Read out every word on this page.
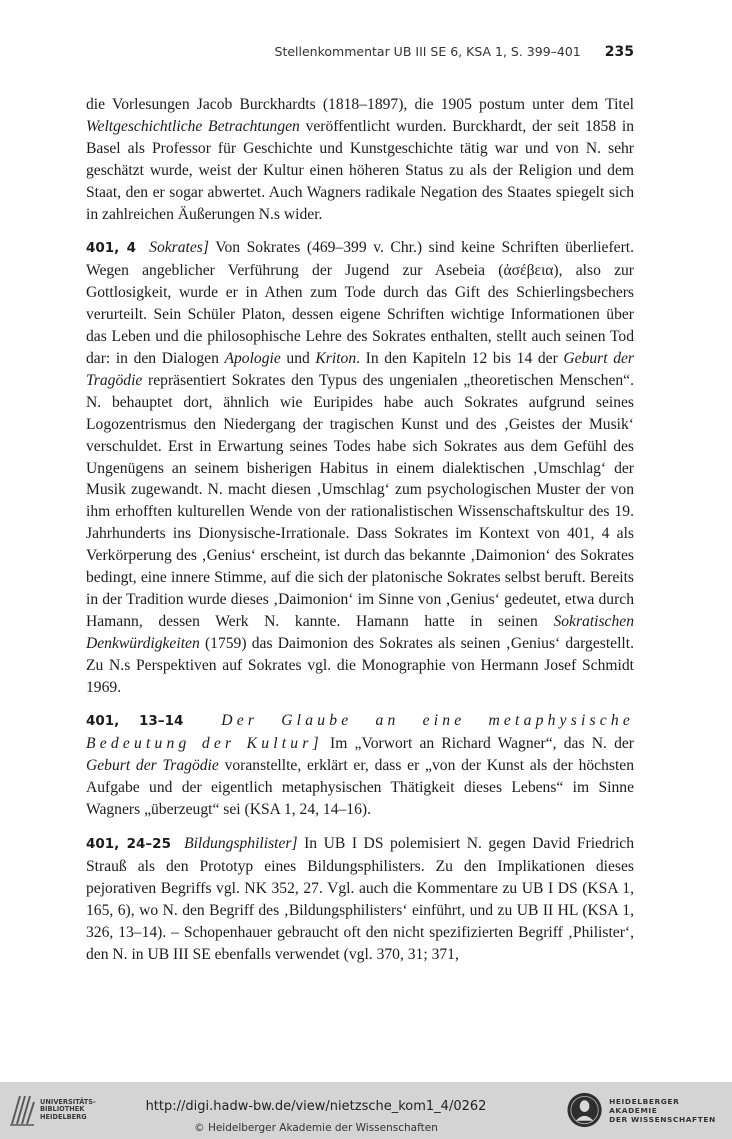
Stellenkommentar UB III SE 6, KSA 1, S. 399–401 235

die Vorlesungen Jacob Burckhardts (1818–1897), die 1905 postum unter dem Titel Weltgeschichtliche Betrachtungen veröffentlicht wurden. Burckhardt, der seit 1858 in Basel als Professor für Geschichte und Kunstgeschichte tätig war und von N. sehr geschätzt wurde, weist der Kultur einen höheren Status zu als der Religion und dem Staat, den er sogar abwertet. Auch Wagners radikale Negation des Staates spiegelt sich in zahlreichen Äußerungen N.s wider.

401, 4 Sokrates] Von Sokrates (469–399 v. Chr.) sind keine Schriften überliefert. Wegen angeblicher Verführung der Jugend zur Asebeia (ἀσέβεια), also zur Gottlosigkeit, wurde er in Athen zum Tode durch das Gift des Schierlingsbechers verurteilt. Sein Schüler Platon, dessen eigene Schriften wichtige Informationen über das Leben und die philosophische Lehre des Sokrates enthalten, stellt auch seinen Tod dar: in den Dialogen Apologie und Kriton. In den Kapiteln 12 bis 14 der Geburt der Tragödie repräsentiert Sokrates den Typus des ungenialen „theoretischen Menschen“. N. behauptet dort, ähnlich wie Euripides habe auch Sokrates aufgrund seines Logozentrismus den Niedergang der tragischen Kunst und des ‚Geistes der Musik‘ verschuldet. Erst in Erwartung seines Todes habe sich Sokrates aus dem Gefühl des Ungenügens an seinem bisherigen Habitus in einem dialektischen ‚Umschlag‘ der Musik zugewandt. N. macht diesen ‚Umschlag‘ zum psychologischen Muster der von ihm erhofften kulturellen Wende von der rationalistischen Wissenschaftskultur des 19. Jahrhunderts ins Dionysische-Irrationale. Dass Sokrates im Kontext von 401, 4 als Verkörperung des ‚Genius‘ erscheint, ist durch das bekannte ‚Daimonion‘ des Sokrates bedingt, eine innere Stimme, auf die sich der platonische Sokrates selbst beruft. Bereits in der Tradition wurde dieses ‚Daimonion‘ im Sinne von ‚Genius‘ gedeutet, etwa durch Hamann, dessen Werk N. kannte. Hamann hatte in seinen Sokratischen Denkwürdigkeiten (1759) das Daimonion des Sokrates als seinen ‚Genius‘ dargestellt. Zu N.s Perspektiven auf Sokrates vgl. die Monographie von Hermann Josef Schmidt 1969.

401, 13–14 Der Glaube an eine metaphysische Bedeutung der Kultur] Im „Vorwort an Richard Wagner“, das N. der Geburt der Tragödie voranstellte, erklärt er, dass er „von der Kunst als der höchsten Aufgabe und der eigentlich metaphysischen Thätigkeit dieses Lebens“ im Sinne Wagners „überzeugt“ sei (KSA 1, 24, 14–16).

401, 24–25 Bildungsphilister] In UB I DS polemisiert N. gegen David Friedrich Strauß als den Prototyp eines Bildungsphilisters. Zu den Implikationen dieses pejorativen Begriffs vgl. NK 352, 27. Vgl. auch die Kommentare zu UB I DS (KSA 1, 165, 6), wo N. den Begriff des ‚Bildungsphilisters‘ einführt, und zu UB II HL (KSA 1, 326, 13–14). – Schopenhauer gebraucht oft den nicht spezifizierten Begriff ‚Philister‘, den N. in UB III SE ebenfalls verwendet (vgl. 370, 31; 371,

UNIVERSITÄTS-
BIBLIOTHEK
HEIDELBERG
http://digi.hadw-bw.de/view/nietzsche_kom1_4/0262
© Heidelberger Akademie der Wissenschaften
HEIDELBERGER AKADEMIE
DER WISSENSCHAFTEN
